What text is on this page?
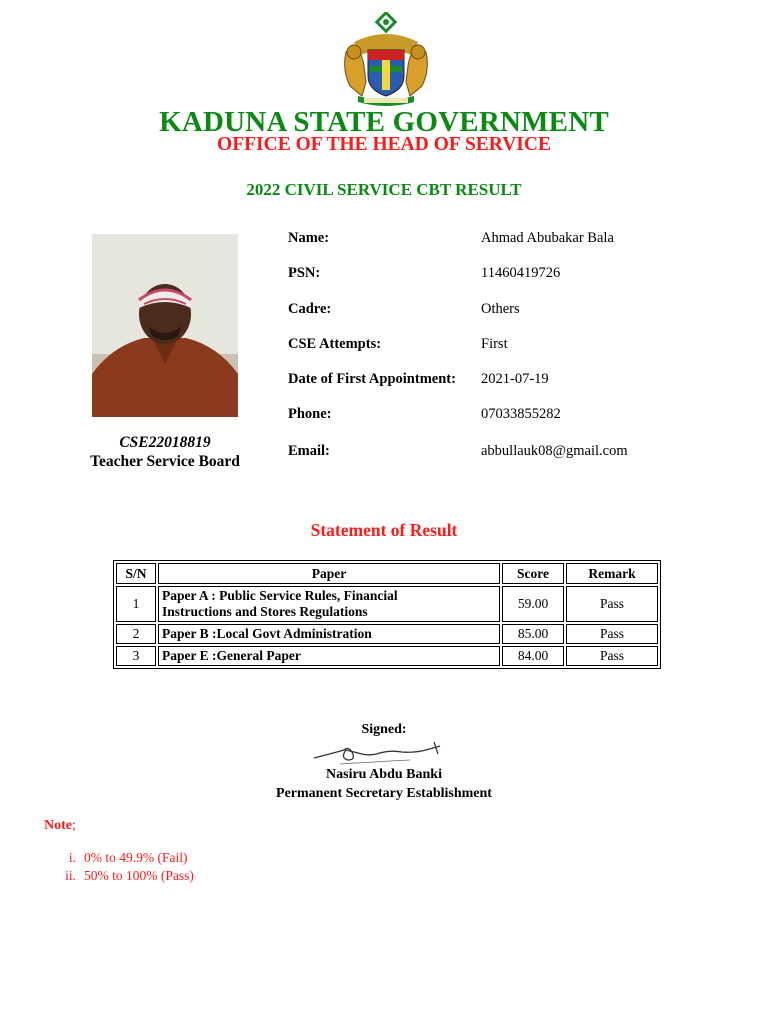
KADUNA STATE GOVERNMENT
OFFICE OF THE HEAD OF SERVICE
2022 CIVIL SERVICE CBT RESULT
CSE22018819
Teacher Service Board
Name:	Ahmad Abubakar Bala
PSN:	11460419726
Cadre:	Others
CSE Attempts:	First
Date of First Appointment: 2021-07-19
Phone:	07033855282
Email:	abbullauk08@gmail.com
Statement of Result
S/N	Paper	Score	Remark
1	Paper A : Public Service Rules, Financial
Instructions and Stores Regulations	59.00	Pass
2	Paper B :Local Govt Administration	85.00	Pass
3	Paper E :General Paper	84.00	Pass
Signed:
Nasiru Abdu Banki
Permanent Secretary Establishment
Note;
i. 0% to 49.9% (Fail)
ii. 50% to 100% (Pass)
